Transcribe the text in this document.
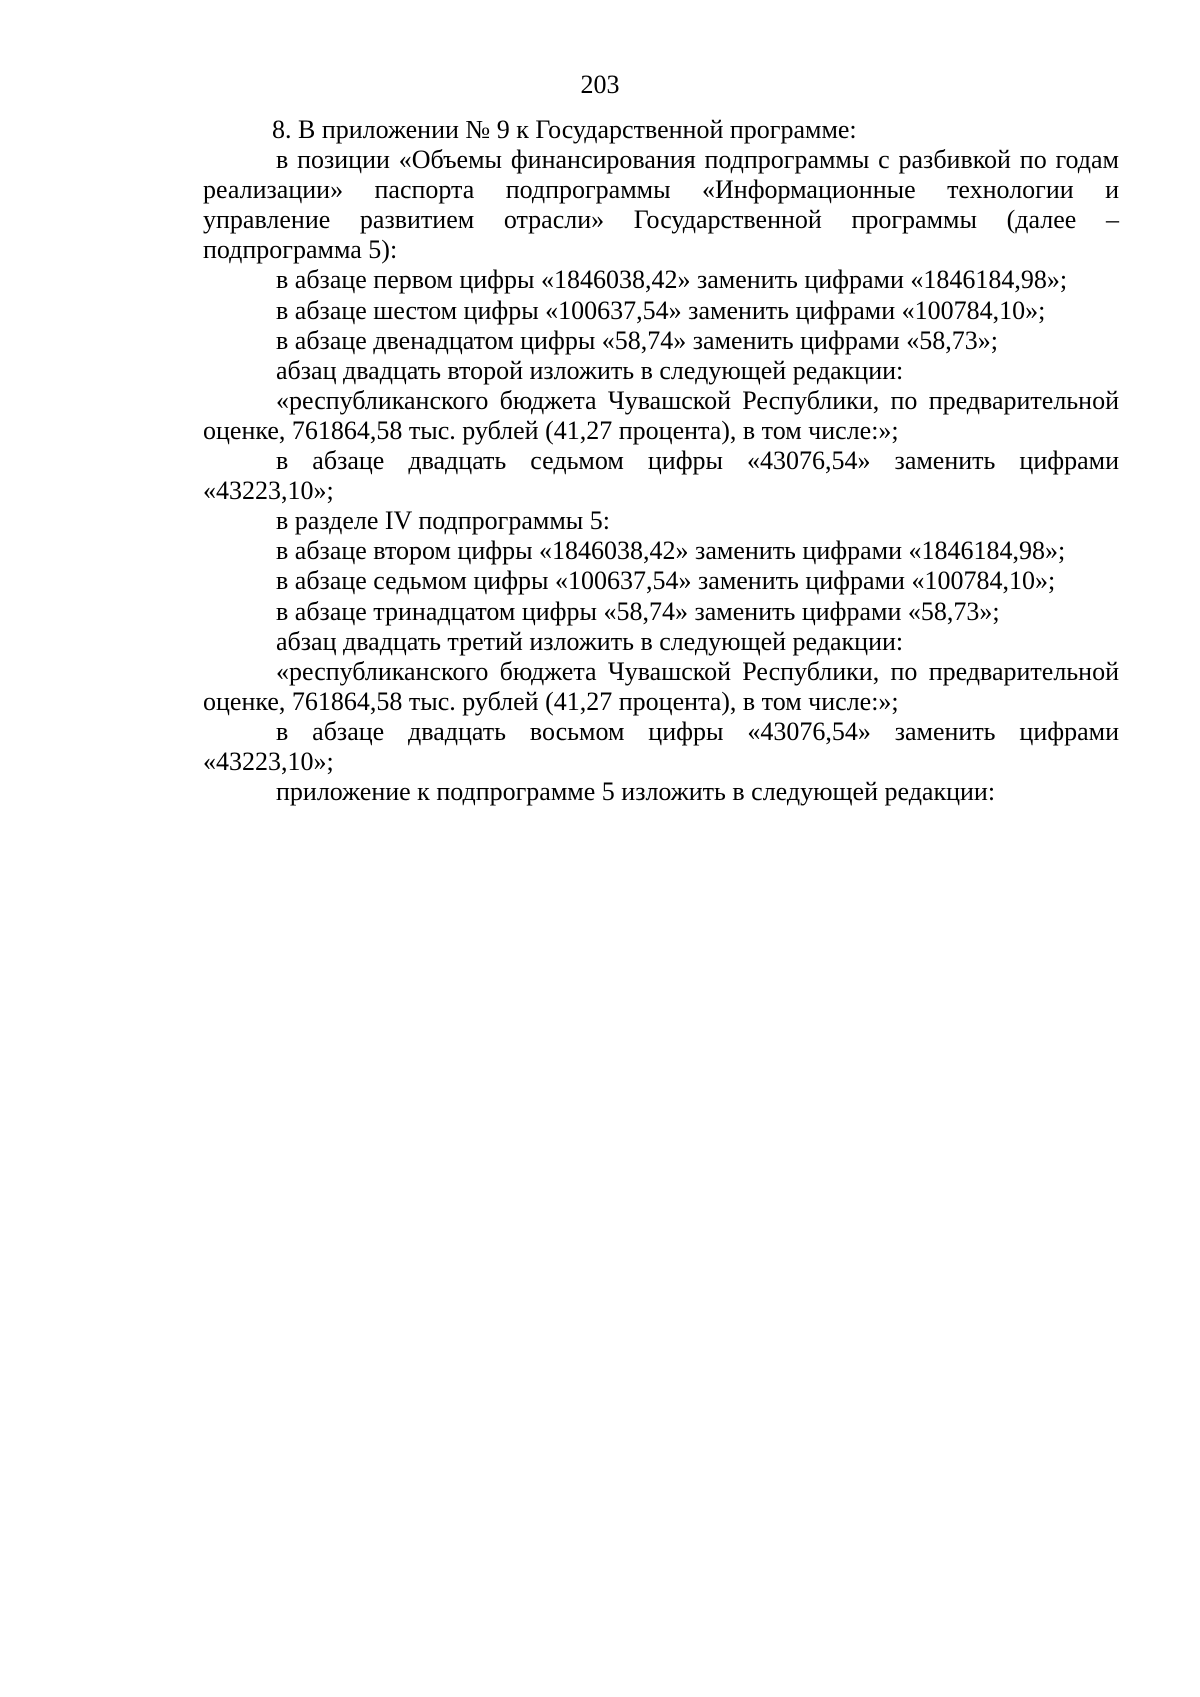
203

8. В приложении № 9 к Государственной программе:

в позиции «Объемы финансирования подпрограммы с разбивкой по годам реализации» паспорта подпрограммы «Информационные технологии и управление развитием отрасли» Государственной программы (далее – подпрограмма 5):

в абзаце первом цифры «1846038,42» заменить цифрами «1846184,98»;

в абзаце шестом цифры «100637,54» заменить цифрами «100784,10»;

в абзаце двенадцатом цифры «58,74» заменить цифрами «58,73»;

абзац двадцать второй изложить в следующей редакции:

«республиканского бюджета Чувашской Республики, по предварительной оценке, 761864,58 тыс. рублей (41,27 процента), в том числе:»;

в абзаце двадцать седьмом цифры «43076,54» заменить цифрами «43223,10»;

в разделе IV подпрограммы 5:

в абзаце втором цифры «1846038,42» заменить цифрами «1846184,98»;

в абзаце седьмом цифры «100637,54» заменить цифрами «100784,10»;

в абзаце тринадцатом цифры «58,74» заменить цифрами «58,73»;

абзац двадцать третий изложить в следующей редакции:

«республиканского бюджета Чувашской Республики, по предварительной оценке, 761864,58 тыс. рублей (41,27 процента), в том числе:»;

в абзаце двадцать восьмом цифры «43076,54» заменить цифрами «43223,10»;

приложение к подпрограмме 5 изложить в следующей редакции:
